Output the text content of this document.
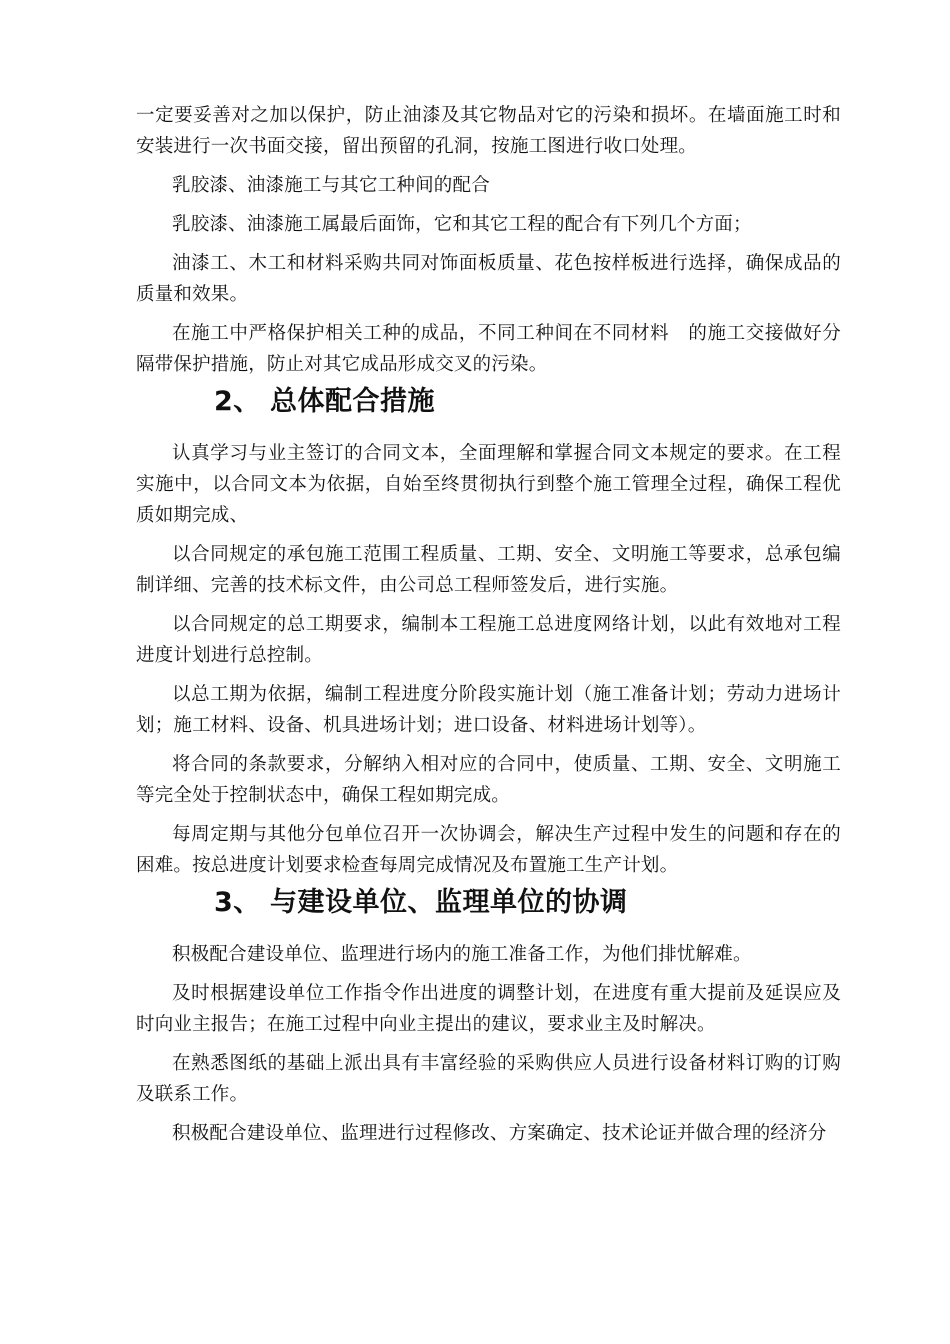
一定要妥善对之加以保护，防止油漆及其它物品对它的污染和损坏。在墙面施工时和安装进行一次书面交接，留出预留的孔洞，按施工图进行收口处理。

乳胶漆、油漆施工与其它工种间的配合

乳胶漆、油漆施工属最后面饰，它和其它工程的配合有下列几个方面；

油漆工、木工和材料采购共同对饰面板质量、花色按样板进行选择，确保成品的质量和效果。

在施工中严格保护相关工种的成品，不同工种间在不同材料　的施工交接做好分隔带保护措施，防止对其它成品形成交叉的污染。

2、 总体配合措施

认真学习与业主签订的合同文本，全面理解和掌握合同文本规定的要求。在工程实施中，以合同文本为依据，自始至终贯彻执行到整个施工管理全过程，确保工程优质如期完成、

以合同规定的承包施工范围工程质量、工期、安全、文明施工等要求，总承包编制详细、完善的技术标文件，由公司总工程师签发后，进行实施。

以合同规定的总工期要求，编制本工程施工总进度网络计划，以此有效地对工程进度计划进行总控制。

以总工期为依据，编制工程进度分阶段实施计划（施工准备计划；劳动力进场计划；施工材料、设备、机具进场计划；进口设备、材料进场计划等）。

将合同的条款要求，分解纳入相对应的合同中，使质量、工期、安全、文明施工等完全处于控制状态中，确保工程如期完成。

每周定期与其他分包单位召开一次协调会，解决生产过程中发生的问题和存在的困难。按总进度计划要求检查每周完成情况及布置施工生产计划。

3、 与建设单位、监理单位的协调

积极配合建设单位、监理进行场内的施工准备工作，为他们排忧解难。

及时根据建设单位工作指令作出进度的调整计划，在进度有重大提前及延误应及时向业主报告；在施工过程中向业主提出的建议，要求业主及时解决。

在熟悉图纸的基础上派出具有丰富经验的采购供应人员进行设备材料订购的订购及联系工作。

积极配合建设单位、监理进行过程修改、方案确定、技术论证并做合理的经济分
